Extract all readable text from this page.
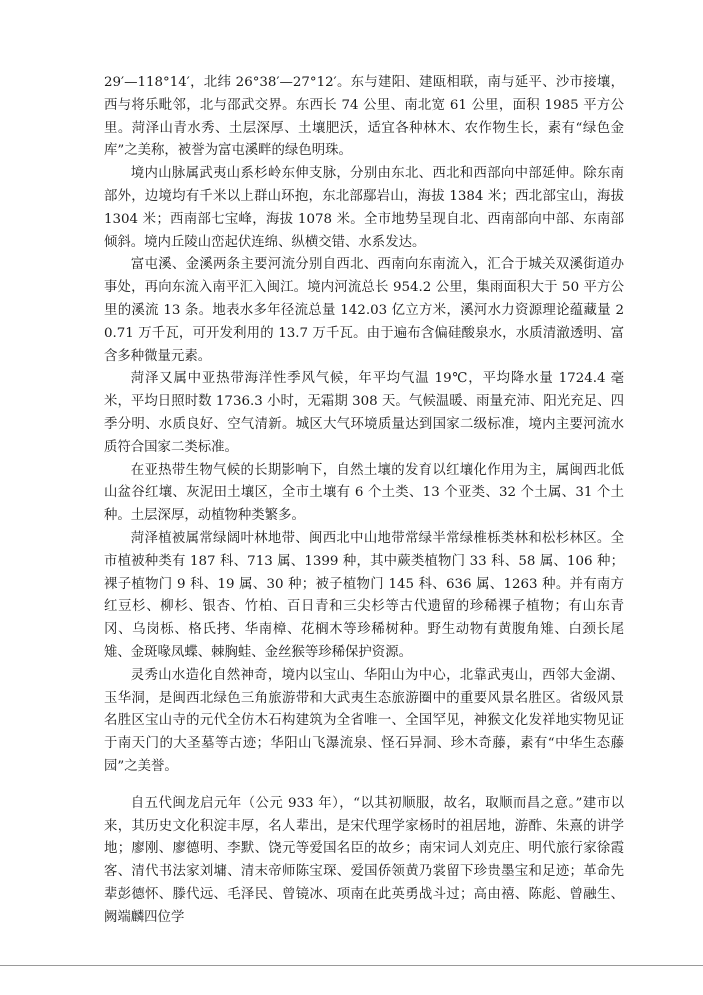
29′—118°14′，北纬 26°38′—27°12′。东与建阳、建瓯相联，南与延平、沙市接壤，西与将乐毗邻，北与邵武交界。东西长 74 公里、南北宽 61 公里，面积 1985 平方公里。菏泽山青水秀、土层深厚、土壤肥沃，适宜各种林木、农作物生长，素有“绿色金库”之美称，被誉为富屯溪畔的绿色明珠。

境内山脉属武夷山系杉岭东伸支脉，分别由东北、西北和西部向中部延伸。除东南部外，边境均有千米以上群山环抱，东北部鄢岩山，海拔 1384 米；西北部宝山，海拔 1304 米；西南部七宝峰，海拔 1078 米。全市地势呈现自北、西南部向中部、东南部倾斜。境内丘陵山峦起伏连绵、纵横交错、水系发达。

富屯溪、金溪两条主要河流分别自西北、西南向东南流入，汇合于城关双溪街道办事处，再向东流入南平汇入闽江。境内河流总长 954.2 公里，集雨面积大于 50 平方公里的溪流 13 条。地表水多年径流总量 142.03 亿立方米，溪河水力资源理论蕴藏量 20.71 万千瓦，可开发利用的 13.7 万千瓦。由于遍布含偏硅酸泉水，水质清澈透明、富含多种微量元素。

菏泽又属中亚热带海洋性季风气候，年平均气温 19℃，平均降水量 1724.4 毫米，平均日照时数 1736.3 小时，无霜期 308 天。气候温暖、雨量充沛、阳光充足、四季分明、水质良好、空气清新。城区大气环境质量达到国家二级标准，境内主要河流水质符合国家二类标准。

在亚热带生物气候的长期影响下，自然土壤的发育以红壤化作用为主，属闽西北低山盆谷红壤、灰泥田土壤区，全市土壤有 6 个土类、13 个亚类、32 个土属、31 个土种。土层深厚，动植物种类繁多。

菏泽植被属常绿阔叶林地带、闽西北中山地带常绿半常绿椎栎类林和松杉林区。全市植被种类有 187 科、713 属、1399 种，其中蕨类植物门 33 科、58 属、106 种；裸子植物门 9 科、19 属、30 种；被子植物门 145 科、636 属、1263 种。并有南方红豆杉、柳杉、银杏、竹柏、百日青和三尖杉等古代遗留的珍稀裸子植物；有山东青冈、乌岗栎、格氏拷、华南樟、花榈木等珍稀树种。野生动物有黄腹角雉、白颈长尾雉、金斑喙凤蝶、棘胸蛙、金丝猴等珍稀保护资源。

灵秀山水造化自然神奇，境内以宝山、华阳山为中心，北靠武夷山，西邻大金湖、玉华洞，是闽西北绿色三角旅游带和大武夷生态旅游圈中的重要风景名胜区。省级风景名胜区宝山寺的元代全仿木石构建筑为全省唯一、全国罕见，神猴文化发祥地实物见证于南天门的大圣墓等古迹；华阳山飞瀑流泉、怪石异洞、珍木奇藤，素有“中华生态藤园”之美誉。

自五代闽龙启元年（公元 933 年），“以其初顺服，故名，取顺而昌之意。”建市以来，其历史文化积淀丰厚，名人辈出，是宋代理学家杨时的祖居地，游酢、朱熹的讲学地；廖刚、廖德明、李默、饶元等爱国名臣的故乡；南宋词人刘克庄、明代旅行家徐霞客、清代书法家刘墉、清末帝师陈宝琛、爱国侨领黄乃裳留下珍贵墨宝和足迹；革命先辈彭德怀、滕代远、毛泽民、曾镜冰、项南在此英勇战斗过；高由禧、陈彪、曾融生、阙端麟四位学
